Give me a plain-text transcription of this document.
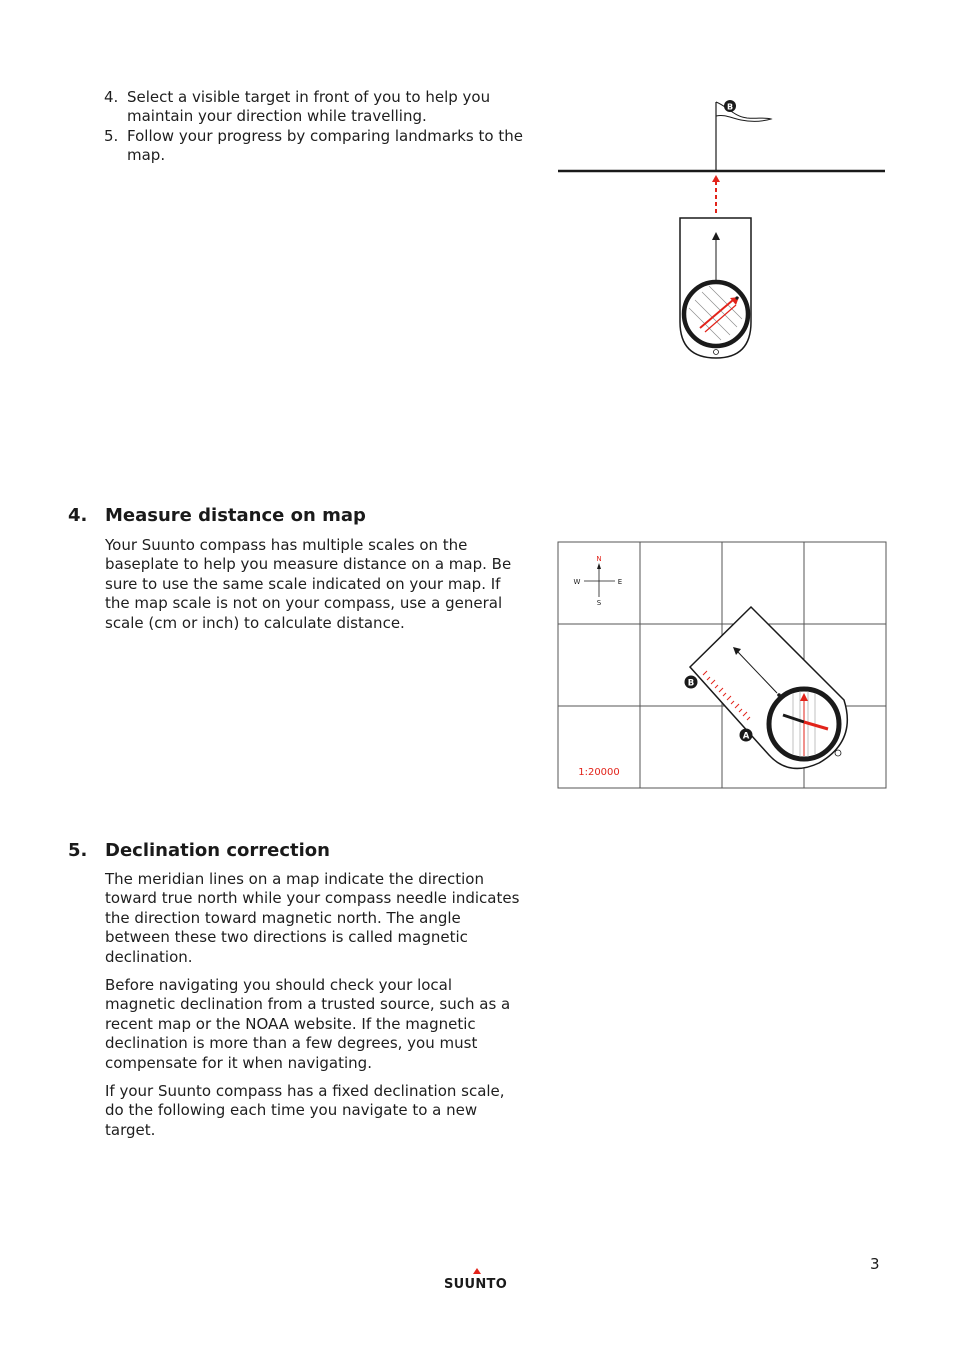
4. Select a visible target in front of you to help you maintain your direction while travelling.
5. Follow your progress by comparing landmarks to the map.
B
4. Measure distance on map

Your Suunto compass has multiple scales on the baseplate to help you measure distance on a map. Be sure to use the same scale indicated on your map. If the map scale is not on your compass, use a general scale (cm or inch) to calculate distance.

N
S
E
W
B
A
1:20000
5. Declination correction

The meridian lines on a map indicate the direction toward true north while your compass needle indicates the direction toward magnetic north. The angle between these two directions is called magnetic declination.

Before navigating you should check your local magnetic declination from a trusted source, such as a recent map or the NOAA website. If the magnetic declination is more than a few degrees, you must compensate for it when navigating.

If your Suunto compass has a fixed declination scale, do the following each time you navigate to a new target.

3
SUUNTO
